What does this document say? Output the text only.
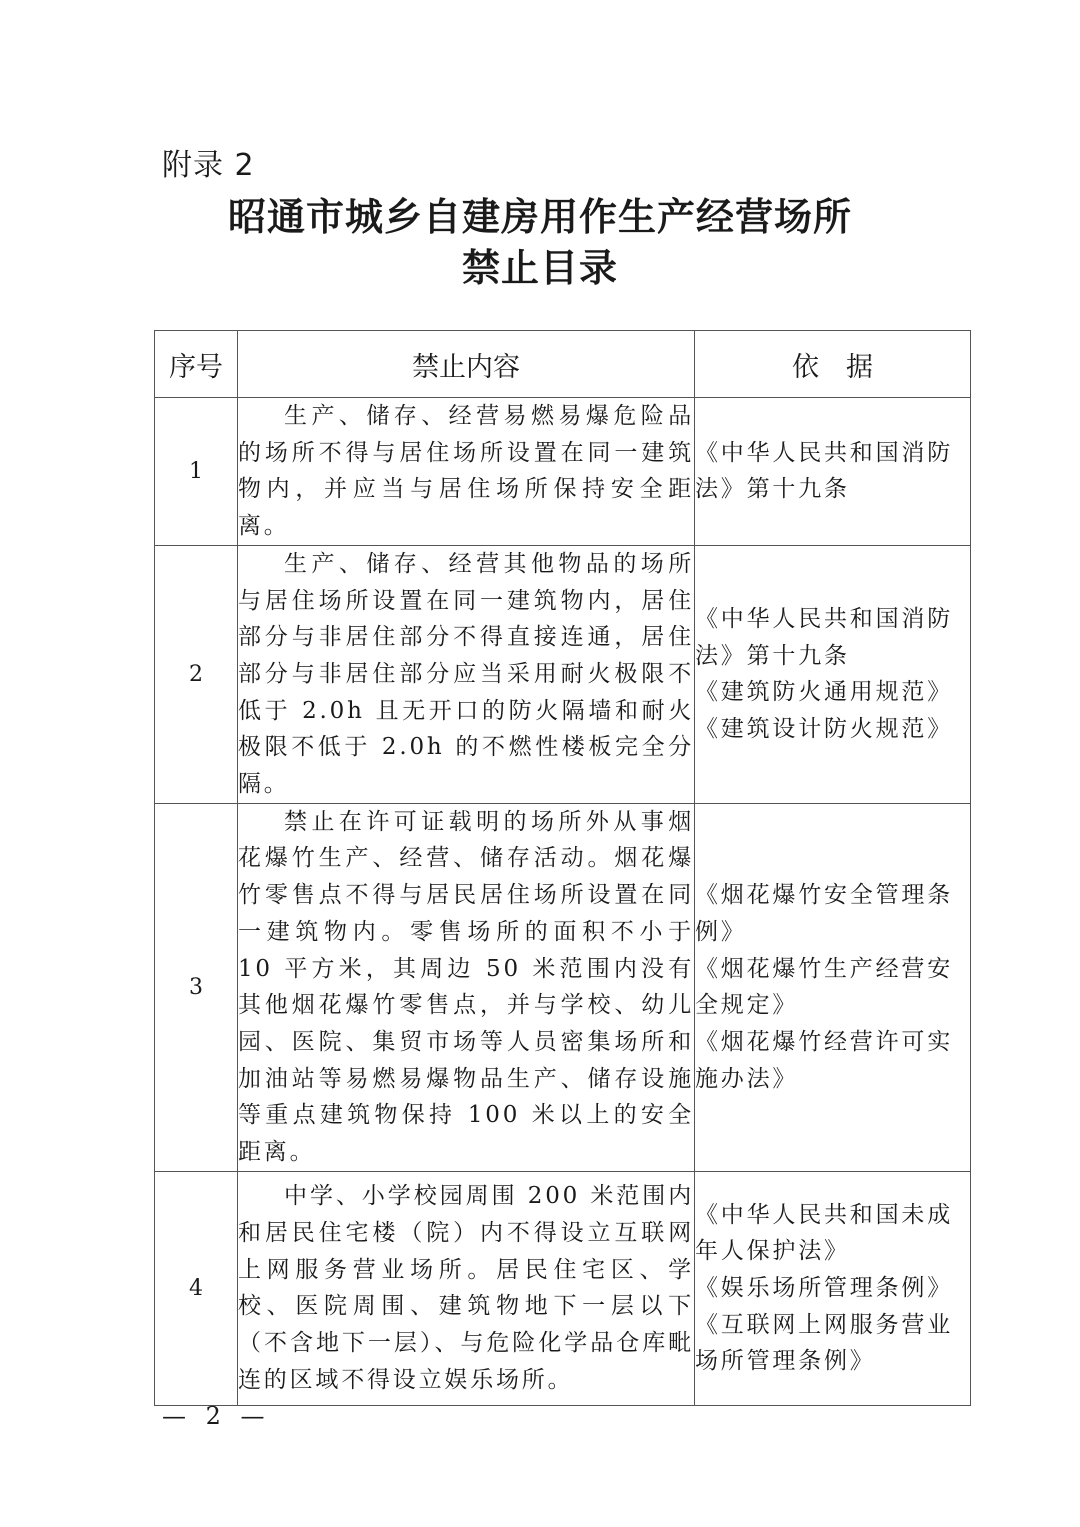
附录 2
昭通市城乡自建房用作生产经营场所
禁止目录
序号	禁止内容	依　据
1	生产、储存、经营易燃易爆危险品的场所不得与居住场所设置在同一建筑物内，并应当与居住场所保持安全距离。	《中华人民共和国消防法》第十九条

2	生产、储存、经营其他物品的场所与居住场所设置在同一建筑物内，居住部分与非居住部分不得直接连通，居住部分与非居住部分应当采用耐火极限不低于 2.0h 且无开口的防火隔墙和耐火极限不低于 2.0h 的不燃性楼板完全分隔。	《中华人民共和国消防法》第十九条
《建筑防火通用规范》
《建筑设计防火规范》

3	禁止在许可证载明的场所外从事烟花爆竹生产、经营、储存活动。烟花爆竹零售点不得与居民居住场所设置在同一建筑物内。零售场所的面积不小于 10 平方米，其周边 50 米范围内没有其他烟花爆竹零售点，并与学校、幼儿园、医院、集贸市场等人员密集场所和加油站等易燃易爆物品生产、储存设施等重点建筑物保持 100 米以上的安全距离。	《烟花爆竹安全管理条例》
《烟花爆竹生产经营安全规定》
《烟花爆竹经营许可实施办法》

4	中学、小学校园周围 200 米范围内和居民住宅楼（院）内不得设立互联网上网服务营业场所。居民住宅区、学校、医院周围、建筑物地下一层以下（不含地下一层）、与危险化学品仓库毗连的区域不得设立娱乐场所。	《中华人民共和国未成年人保护法》
《娱乐场所管理条例》
《互联网上网服务营业场所管理条例》
— 2 —
